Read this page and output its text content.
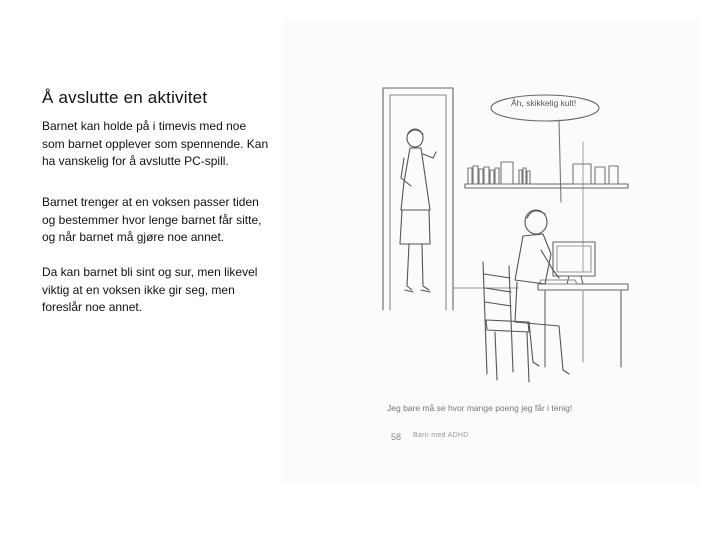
Å avslutte en aktivitet

Barnet kan holde på i timevis med noe som barnet opplever som spennende. Kan ha vanskelig for å avslutte PC-spill.

Barnet trenger at en voksen passer tiden og bestemmer hvor lenge barnet får sitte, og når barnet må gjøre noe annet.

Da kan barnet bli sint og sur, men likevel viktig at en voksen ikke gir seg, men foreslår noe annet.

Åh, skikkelig kult!

Jeg bare må se hvor mange poeng jeg får i tenig!

58 Barn med ADHD
